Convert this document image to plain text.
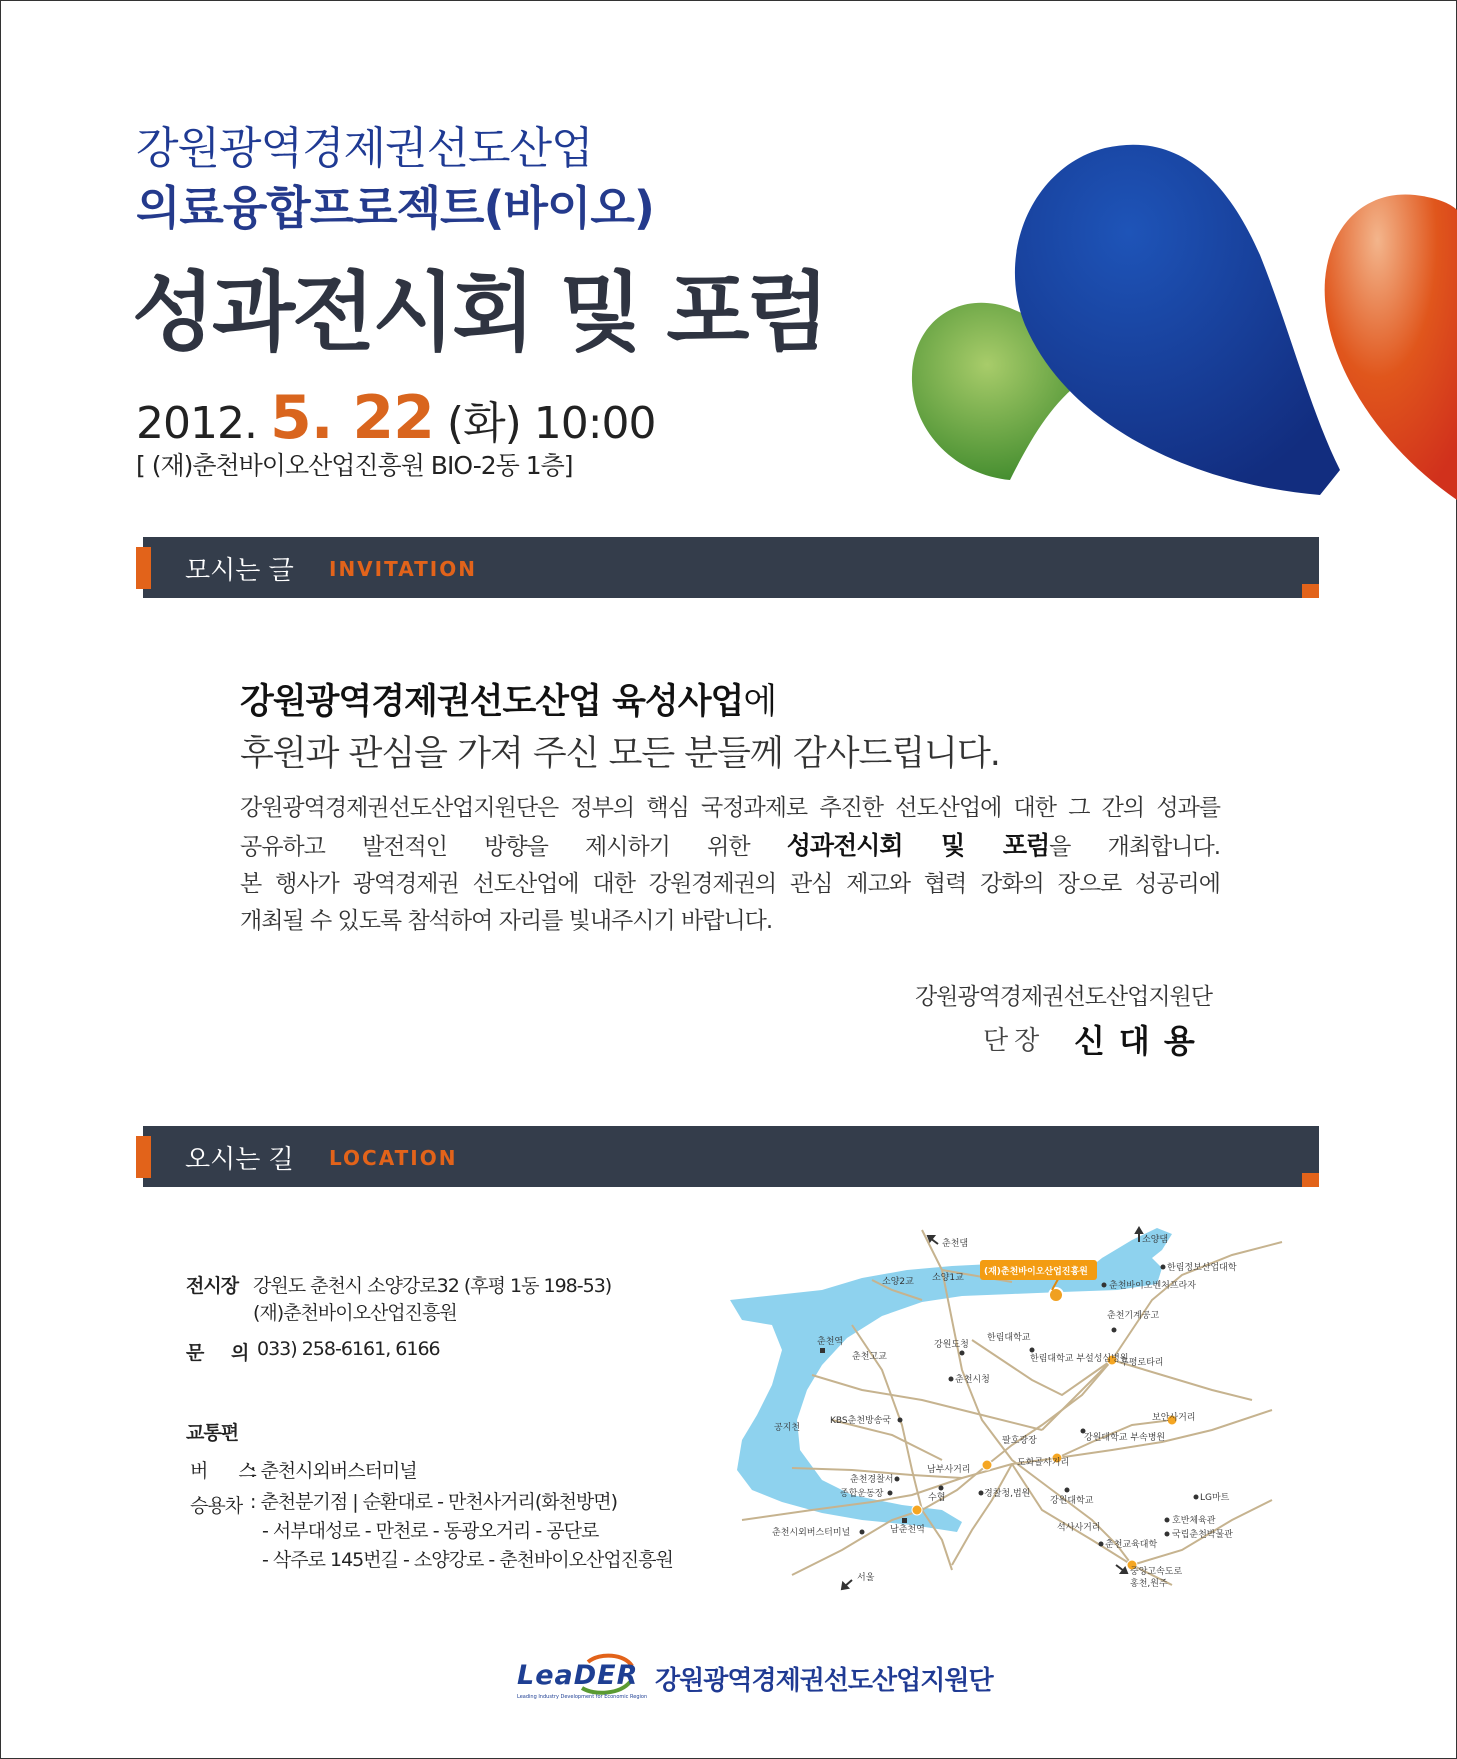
강원광역경제권선도산업
의료융합프로젝트(바이오)
성과전시회 및 포럼
2012. 5. 22 (화) 10:00
[ (재)춘천바이오산업진흥원 BIO-2동 1층]
모시는 글 INVITATION
강원광역경제권선도산업 육성사업에
후원과 관심을 가져 주신 모든 분들께 감사드립니다.
강원광역경제권선도산업지원단은 정부의 핵심 국정과제로 추진한 선도산업에 대한 그 간의 성과를
공유하고 발전적인 방향을 제시하기 위한 성과전시회 및 포럼을 개최합니다.
본 행사가 광역경제권 선도산업에 대한 강원경제권의 관심 제고와 협력 강화의 장으로 성공리에
개최될 수 있도록 참석하여 자리를 빛내주시기 바랍니다.
강원광역경제권선도산업지원단
단장 신대용
오시는 길 LOCATION
전시장 강원도 춘천시 소양강로32 (후평 1동 198-53)
(재)춘천바이오산업진흥원
문 의
033) 258-6161, 6166
교통편
버 스
: 춘천시외버스터미널
승용차 : 춘천분기점 | 순환대로 - 만천사거리(화천방면)
- 서부대성로 - 만천로 - 동광오거리 - 공단로
- 삭주로 145번길 - 소양강로 - 춘천바이오산업진흥원
춘천댐	소양댐
소양2교 소양1교
(재)춘천바이오산업진흥원	한림정보산업대학
춘천바이오벤처프라자
춘천기계공고
춘천역	강원도청
한림대학교
한림대학교 부설성심병원
춘천고교
춘천시청
후평로타리
공지천
KBS춘천방송국
팔호광장
보안사거리
강원대학교 부속병원
도화골사거리
남부사거리
춘천경찰서
종합운동장	경찰청,법원
강원대학교	LG마트
수협
석사사거리
호반체육관
국립춘천박물관
춘천시외버스터미널	남춘천역
춘천교육대학
중앙고속도로
홍천,원주
서울
LeaDER
Leading Industry Development for Economic Region
강원광역경제권선도산업지원단
